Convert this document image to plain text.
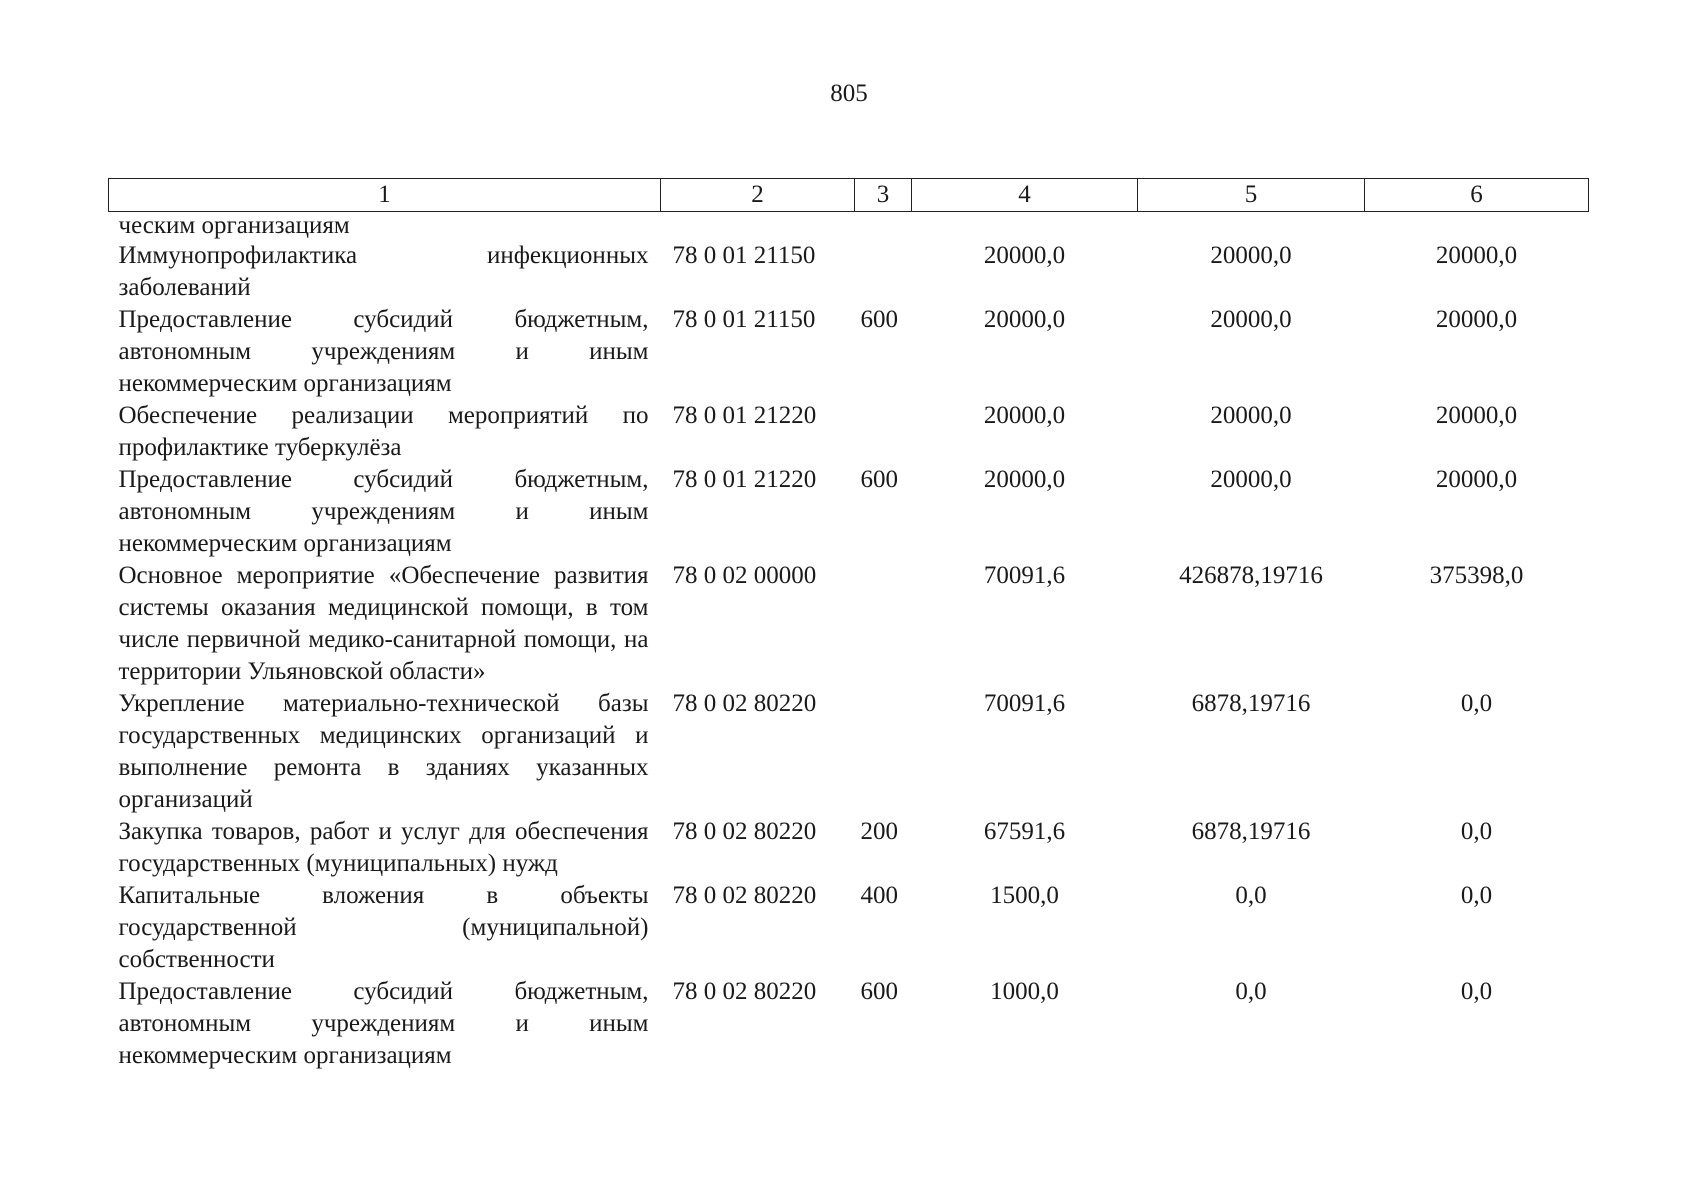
805
1	2	3	4	5	6
ческим организациям					
Иммунопрофилактика инфекционных заболеваний	78 0 01 21150		20000,0	20000,0	20000,0
Предоставление субсидий бюджетным, автономным учреждениям и иным некоммерческим организациям	78 0 01 21150	600	20000,0	20000,0	20000,0
Обеспечение реализации мероприятий по профилактике туберкулёза	78 0 01 21220		20000,0	20000,0	20000,0
Предоставление субсидий бюджетным, автономным учреждениям и иным некоммерческим организациям	78 0 01 21220	600	20000,0	20000,0	20000,0
Основное мероприятие «Обеспечение развития системы оказания медицинской помощи, в том числе первичной медико-санитарной помощи, на территории Ульяновской области»	78 0 02 00000		70091,6	426878,19716	375398,0
Укрепление материально-технической базы государственных медицинских организаций и выполнение ремонта в зданиях указанных организаций	78 0 02 80220		70091,6	6878,19716	0,0
Закупка товаров, работ и услуг для обеспечения государственных (муниципальных) нужд	78 0 02 80220	200	67591,6	6878,19716	0,0
Капитальные вложения в объекты государственной (муниципальной) собственности	78 0 02 80220	400	1500,0	0,0	0,0
Предоставление субсидий бюджетным, автономным учреждениям и иным некоммерческим организациям	78 0 02 80220	600	1000,0	0,0	0,0
